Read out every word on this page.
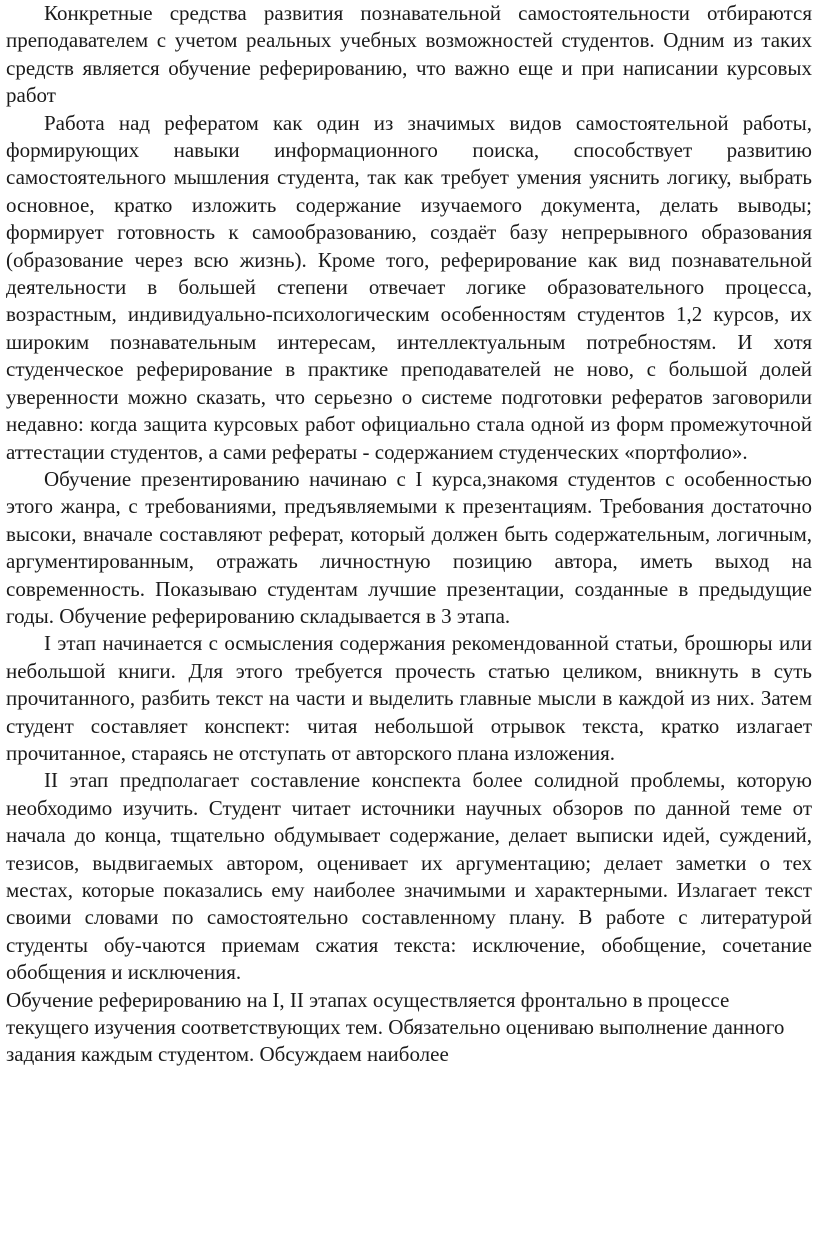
Конкретные средства развития познавательной самостоятельности отбираются преподавателем с учетом реальных учебных возможностей студентов. Одним из таких средств является обучение реферированию, что важно еще и при написании курсовых работ

Работа над рефератом как один из значимых видов самостоятельной работы, формирующих навыки информационного поиска, способствует развитию самостоятельного мышления студента, так как требует умения уяснить логику, выбрать основное, кратко изложить содержание изучаемого документа, делать выводы; формирует готовность к самообразованию, создаёт базу непрерывного образования (образование через всю жизнь). Кроме того, реферирование как вид познавательной деятельности в большей степени отвечает логике образовательного процесса, возрастным, индивидуально-психологическим особенностям студентов 1,2 курсов, их широким познавательным интересам, интеллектуальным потребностям. И хотя студенческое реферирование в практике преподавателей не ново, с большой долей уверенности можно сказать, что серьезно о системе подготовки рефератов заговорили недавно: когда защита курсовых работ официально стала одной из форм промежуточной аттестации студентов, а сами рефераты - содержанием студенческих «портфолио».

Обучение презентированию начинаю с I курса,знакомя студентов с особенностью этого жанра, с требованиями, предъявляемыми к презентациям. Требования достаточно высоки, вначале составляют реферат, который должен быть содержательным, логичным, аргументированным, отражать личностную позицию автора, иметь выход на современность. Показываю студентам лучшие презентации, созданные в предыдущие годы. Обучение реферированию складывается в 3 этапа.

I этап начинается с осмысления содержания рекомендованной статьи, брошюры или небольшой книги. Для этого требуется прочесть статью целиком, вникнуть в суть прочитанного, разбить текст на части и выделить главные мысли в каждой из них. Затем студент составляет конспект: читая небольшой отрывок текста, кратко излагает прочитанное, стараясь не отступать от авторского плана изложения.

II этап предполагает составление конспекта более солидной проблемы, которую необходимо изучить. Студент читает источники научных обзоров по данной теме от начала до конца, тщательно обдумывает содержание, делает выписки идей, суждений, тезисов, выдвигаемых автором, оценивает их аргументацию; делает заметки о тех местах, которые показались ему наиболее значимыми и характерными. Излагает текст своими словами по самостоятельно составленному плану. В работе с литературой студенты обу-чаются приемам сжатия текста: исключение, обобщение, сочетание обобщения и исключения.

Обучение реферированию на I, II этапах осуществляется фронтально в процессе текущего изучения соответствующих тем. Обязательно оцениваю выполнение данного задания каждым студентом. Обсуждаем наиболее
